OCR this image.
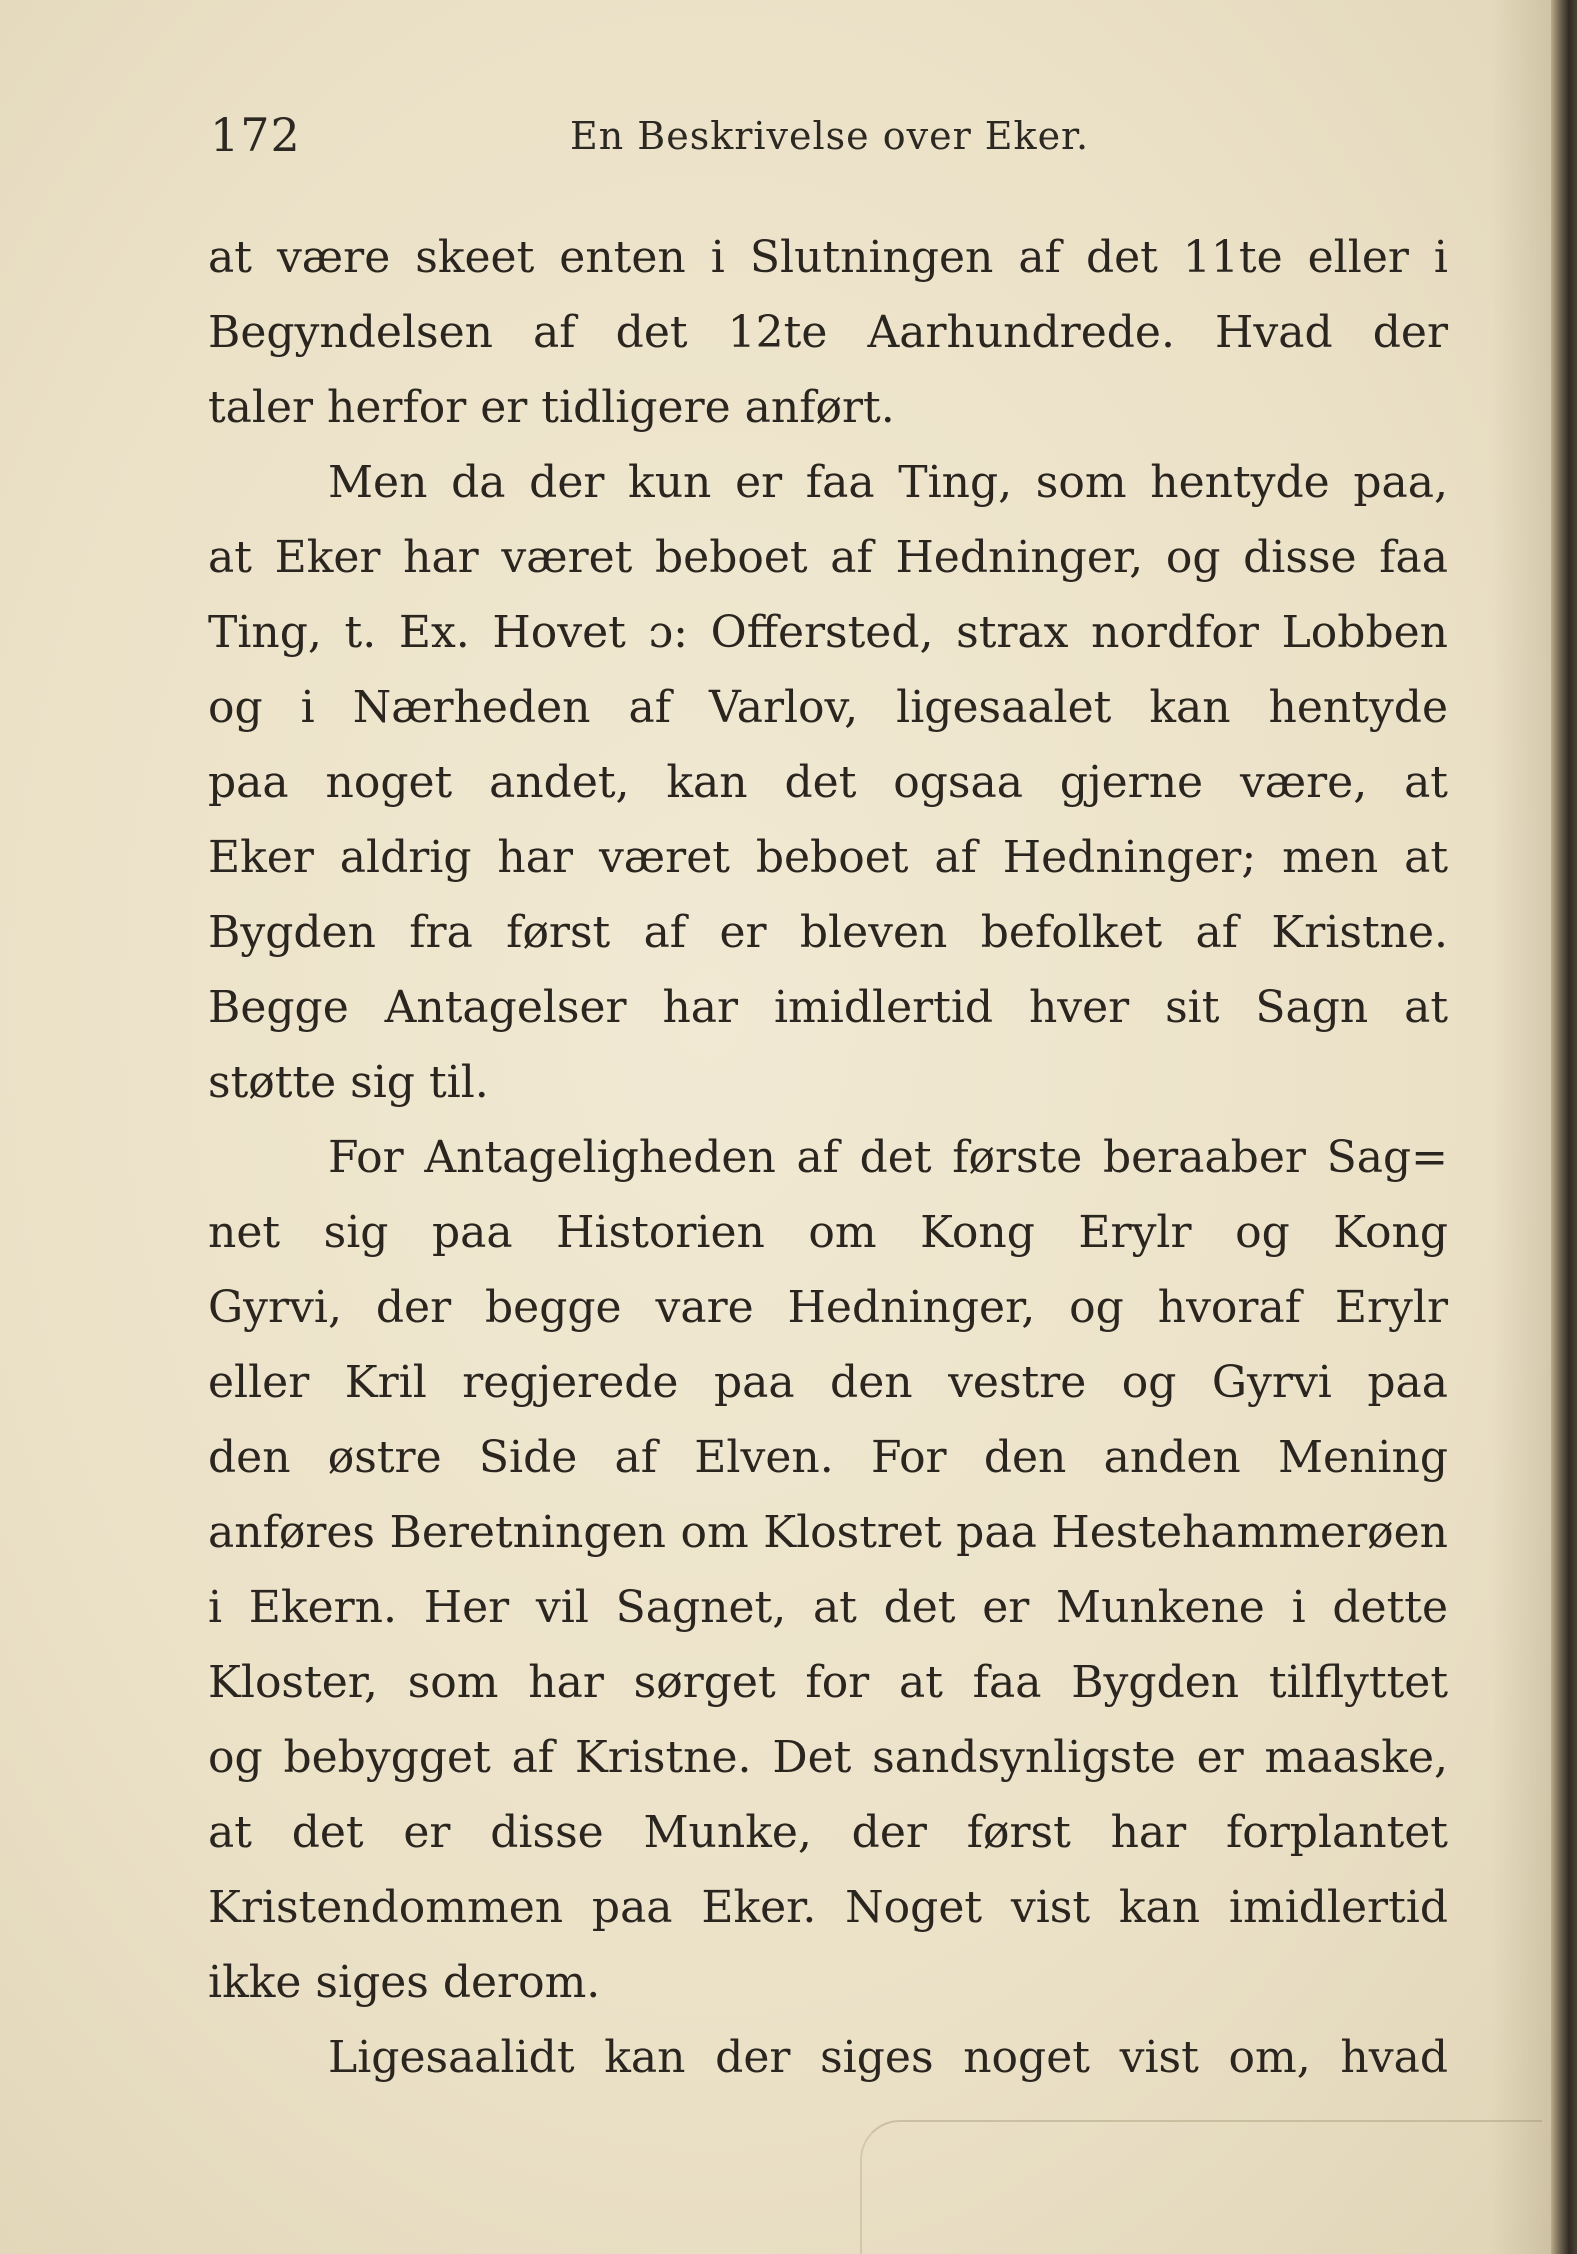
172	En Beskrivelse over Eker.
at være skeet enten i Slutningen af det 11te eller i
Begyndelsen af det 12te Aarhundrede. Hvad der
taler herfor er tidligere anført.
Men da der kun er faa Ting, som hentyde paa,
at Eker har været beboet af Hedninger, og disse faa
Ting, t. Ex. Hovet ɔ: Offersted, strax nordfor Lobben
og i Nærheden af Varlov, ligesaalet kan hentyde
paa noget andet, kan det ogsaa gjerne være, at
Eker aldrig har været beboet af Hedninger; men at
Bygden fra først af er bleven befolket af Kristne.
Begge Antagelser har imidlertid hver sit Sagn at
støtte sig til.
For Antageligheden af det første beraaber Sag=
net sig paa Historien om Kong Erylr og Kong
Gyrvi, der begge vare Hedninger, og hvoraf Erylr
eller Kril regjerede paa den vestre og Gyrvi paa
den østre Side af Elven. For den anden Mening
anføres Beretningen om Klostret paa Hestehammerøen
i Ekern. Her vil Sagnet, at det er Munkene i dette
Kloster, som har sørget for at faa Bygden tilflyttet
og bebygget af Kristne. Det sandsynligste er maaske,
at det er disse Munke, der først har forplantet
Kristendommen paa Eker. Noget vist kan imidlertid
ikke siges derom.
Ligesaalidt kan der siges noget vist om, hvad
